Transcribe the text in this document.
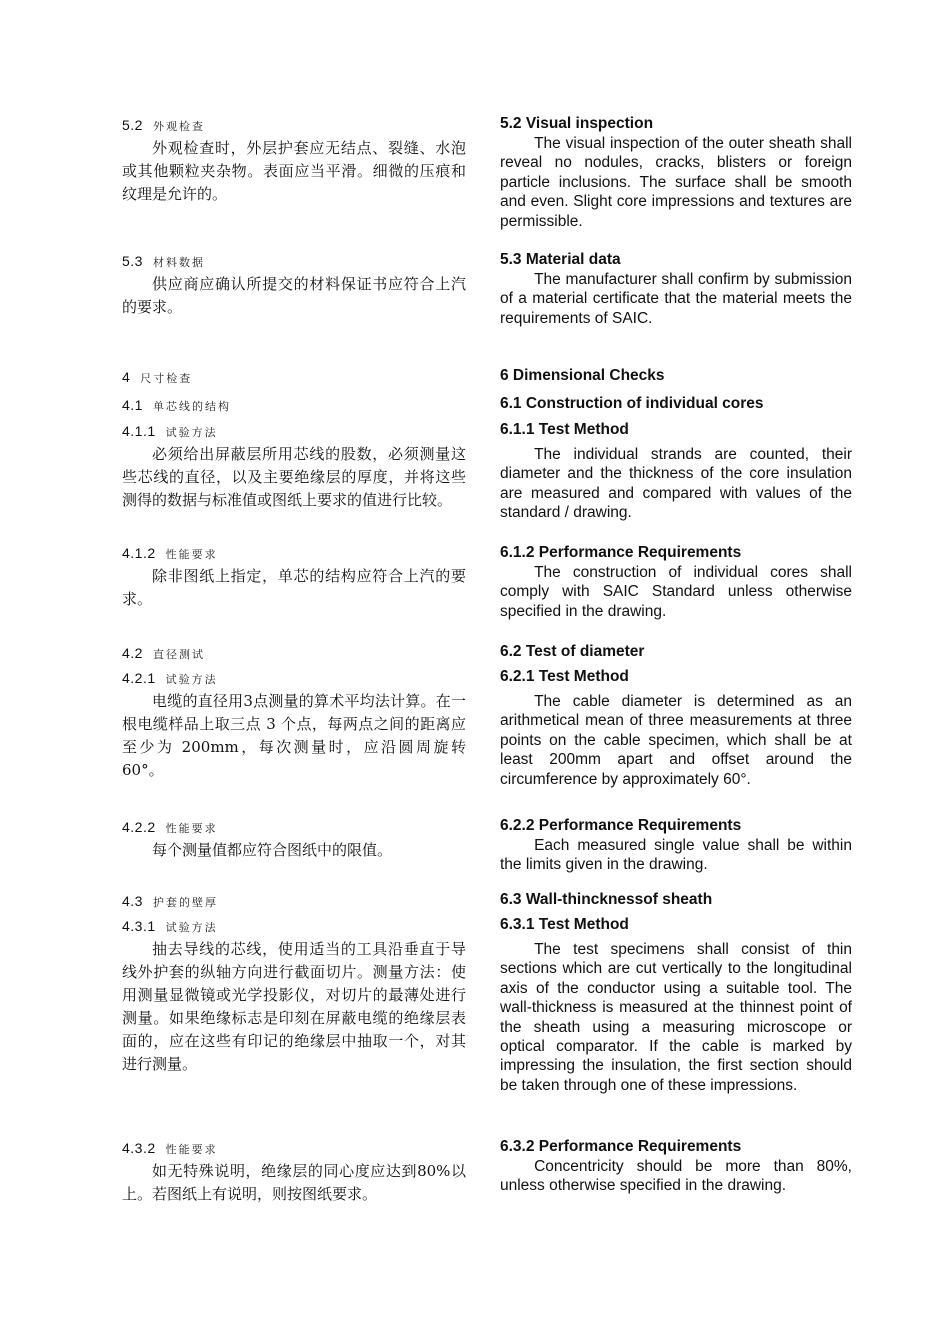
5.2 外观检查

外观检查时，外层护套应无结点、裂缝、水泡或其他颗粒夹杂物。表面应当平滑。细微的压痕和纹理是允许的。

5.3 材料数据

供应商应确认所提交的材料保证书应符合上汽的要求。

4 尺寸检查
4.1 单芯线的结构
4.1.1 试验方法

必须给出屏蔽层所用芯线的股数，必须测量这些芯线的直径，以及主要绝缘层的厚度，并将这些测得的数据与标准值或图纸上要求的值进行比较。

4.1.2 性能要求

除非图纸上指定，单芯的结构应符合上汽的要求。

4.2 直径测试
4.2.1 试验方法

电缆的直径用3点测量的算术平均法计算。在一根电缆样品上取三点 3 个点，每两点之间的距离应至少为 200mm，每次测量时，应沿圆周旋转 60°。

4.2.2 性能要求

每个测量值都应符合图纸中的限值。

4.3 护套的壁厚
4.3.1 试验方法

抽去导线的芯线，使用适当的工具沿垂直于导线外护套的纵轴方向进行截面切片。测量方法：使用测量显微镜或光学投影仪，对切片的最薄处进行测量。如果绝缘标志是印刻在屏蔽电缆的绝缘层表面的，应在这些有印记的绝缘层中抽取一个，对其进行测量。

4.3.2 性能要求

如无特殊说明，绝缘层的同心度应达到80%以上。若图纸上有说明，则按图纸要求。

5.2 Visual inspection

The visual inspection of the outer sheath shall reveal no nodules, cracks, blisters or foreign particle inclusions. The surface shall be smooth and even. Slight core impressions and textures are permissible.

5.3 Material data

The manufacturer shall confirm by submission of a material certificate that the material meets the requirements of SAIC.

6 Dimensional Checks
6.1 Construction of individual cores
6.1.1 Test Method

The individual strands are counted, their diameter and the thickness of the core insulation are measured and compared with values of the standard / drawing.

6.1.2 Performance Requirements

The construction of individual cores shall comply with SAIC Standard unless otherwise specified in the drawing.

6.2 Test of diameter
6.2.1 Test Method

The cable diameter is determined as an arithmetical mean of three measurements at three points on the cable specimen, which shall be at least 200mm apart and offset around the circumference by approximately 60°.

6.2.2 Performance Requirements

Each measured single value shall be within the limits given in the drawing.

6.3 Wall-thincknessof sheath
6.3.1 Test Method

The test specimens shall consist of thin sections which are cut vertically to the longitudinal axis of the conductor using a suitable tool. The wall-thickness is measured at the thinnest point of the sheath using a measuring microscope or optical comparator. If the cable is marked by impressing the insulation, the first section should be taken through one of these impressions.

6.3.2 Performance Requirements

Concentricity should be more than 80%, unless otherwise specified in the drawing.
